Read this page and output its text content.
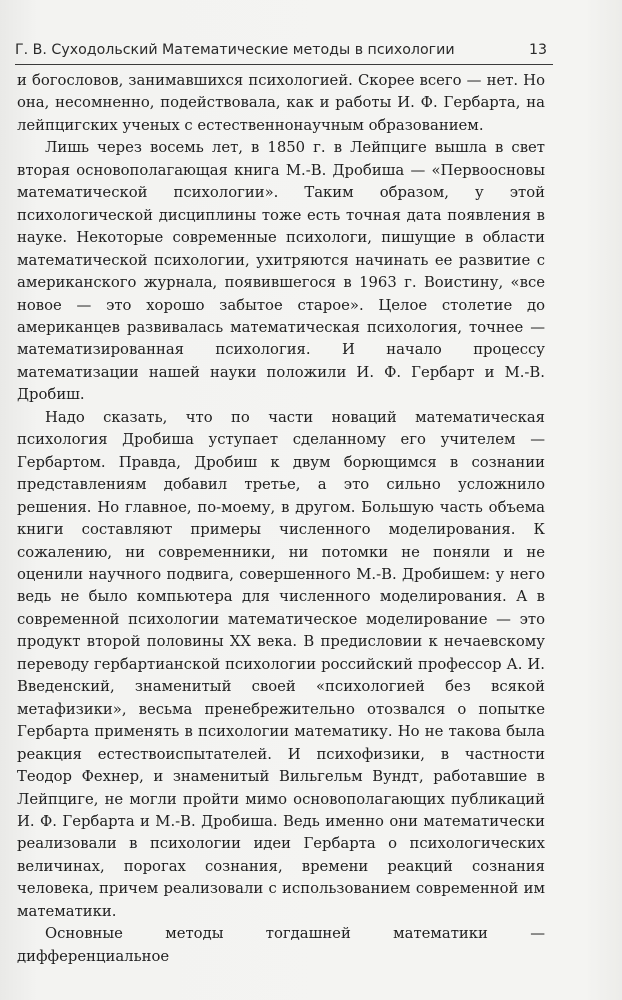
Г. В. Суходольский Математические методы в психологии	13

и богословов, занимавшихся психологией. Скорее всего — нет. Но она, несомненно, подействовала, как и работы И. Ф. Гербарта, на лейпцигских ученых с естественнонаучным образованием.

Лишь через восемь лет, в 1850 г. в Лейпциге вышла в свет вторая основополагающая книга М.-В. Дробиша — «Первооснoвы математической психологии». Таким образом, у этой психологической дисциплины тоже есть точная дата появления в науке. Некоторые современные психологи, пишущие в области математической психологии, ухитряются начинать ее развитие с американского журнала, появившегося в 1963 г. Воистину, «все новое — это хорошо забытое старое». Целое столетие до американцев развивалась математическая психология, точнее — математизированная психология. И начало процессу математизации нашей науки положили И. Ф. Гербарт и М.-В. Дробиш.

Надо сказать, что по части новаций математическая психология Дробиша уступает сделанному его учителем — Гербартом. Правда, Дробиш к двум борющимся в сознании представлениям добавил третье, а это сильно усложнило решения. Но главное, по-моему, в другом. Большую часть объема книги составляют примеры численного моделирования. К сожалению, ни современники, ни потомки не поняли и не оценили научного подвига, совершенного М.-В. Дробишем: у него ведь не было компьютера для численного моделирования. А в современной психологии математическое моделирование — это продукт второй половины XX века. В предисловии к нечаевскому переводу гербартианской психологии российский профессор А. И. Введенский, знаменитый своей «психологией без всякой метафизики», весьма пренебрежительно отозвался о попытке Гербарта применять в психологии математику. Но не такова была реакция естествоиспытателей. И психофизики, в частности Теодор Фехнер, и знаменитый Вильгельм Вундт, работавшие в Лейпциге, не могли пройти мимо основополагающих публикаций И. Ф. Гербарта и М.-В. Дробиша. Ведь именно они математически реализовали в психологии идеи Гербарта о психологических величинах, порогах сознания, времени реакций сознания человека, причем реализовали с использованием современной им математики.

Основные методы тогдашней математики — дифференциальное
